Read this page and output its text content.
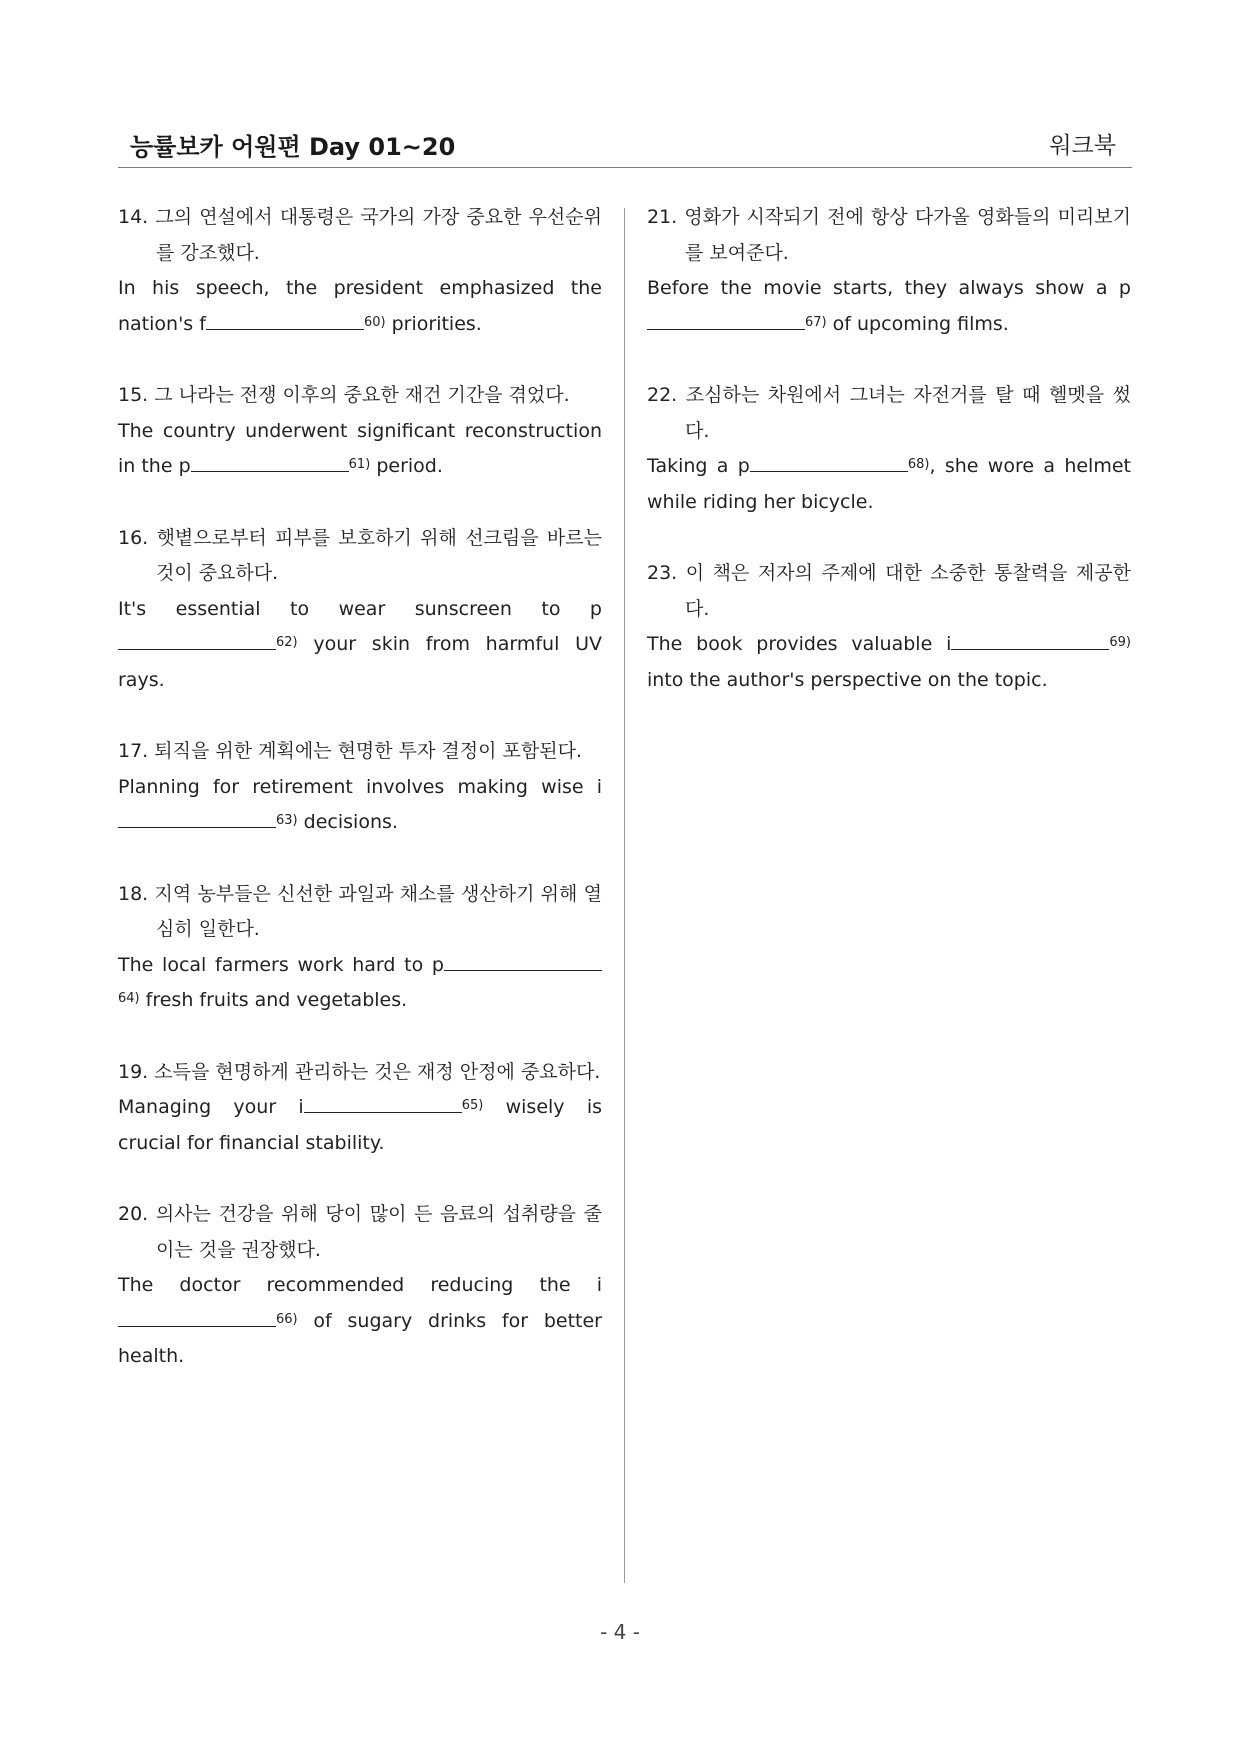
능률보카 어원편 Day 01~20	워크북
14. 그의 연설에서 대통령은 국가의 가장 중요한 우선순위를 강조했다.
In his speech, the president emphasized the nation's f	$^{60)}$ priorities.
15. 그 나라는 전쟁 이후의 중요한 재건 기간을 겪었다.
The country underwent significant reconstruction in the p	$^{61)}$ period.
16. 햇볕으로부터 피부를 보호하기 위해 선크림을 바르는 것이 중요하다.
It's essential to wear sunscreen to $p^{62)}$ your skin from harmful UV rays.
17. 퇴직을 위한 계획에는 현명한 투자 결정이 포함된다.
Planning for retirement involves making wise $i^{63)}$ decisions.
18. 지역 농부들은 신선한 과일과 채소를 생산하기 위해 열심히 일한다.
The local farmers work hard to $p^{64)}$ fresh fruits and vegetables.
19. 소득을 현명하게 관리하는 것은 재정 안정에 중요하다.
Managing your i	$^{65)}$ wisely is crucial for financial stability.
20. 의사는 건강을 위해 당이 많이 든 음료의 섭취량을 줄이는 것을 권장했다.
The doctor recommended reducing the $i^{66)}$ of sugary drinks for better health.
21. 영화가 시작되기 전에 항상 다가올 영화들의 미리보기를 보여준다.
Before the movie starts, they always show a $p^{67)}$ of upcoming films.
22. 조심하는 차원에서 그녀는 자전거를 탈 때 헬멧을 썼다.
Taking a p	$^{68)}$, she wore a helmet while riding her bicycle.
23. 이 책은 저자의 주제에 대한 소중한 통찰력을 제공한다.
The book provides valuable i	$^{69)}$ into the author's perspective on the topic.
- 4 -
